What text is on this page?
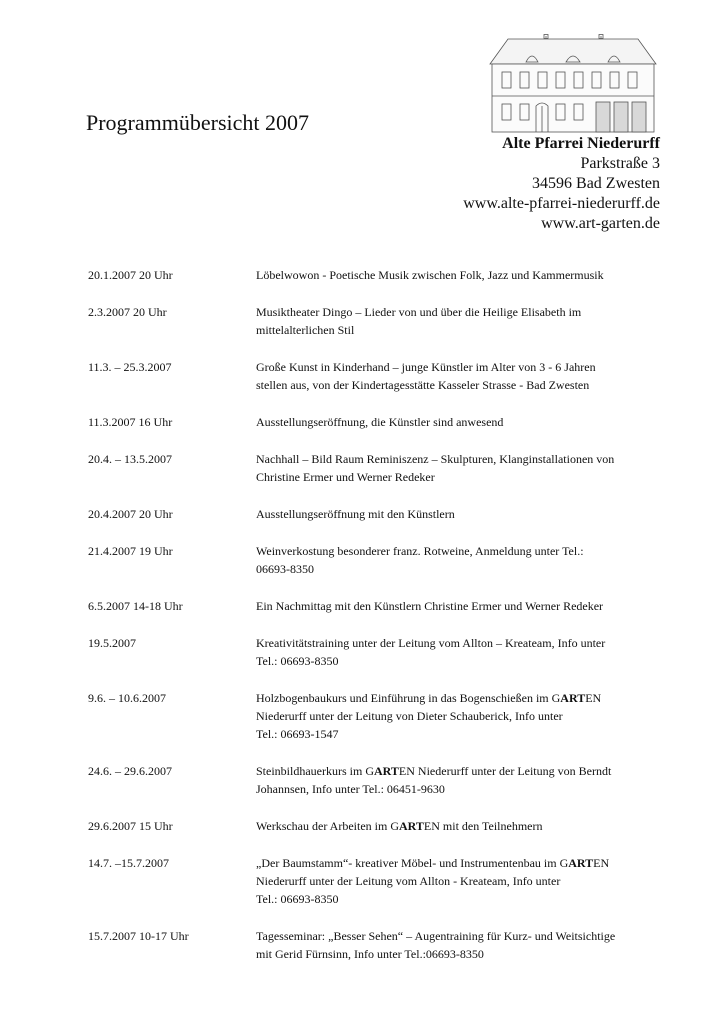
Programmübersicht 2007
Alte Pfarrei Niederurff
Parkstraße 3
34596 Bad Zwesten
www.alte-pfarrei-niederurff.de
www.art-garten.de
20.1.2007 20 Uhr	Löbelwowon - Poetische Musik zwischen Folk, Jazz und Kammermusik
2.3.2007 20 Uhr	Musiktheater Dingo – Lieder von und über die Heilige Elisabeth im
mittelalterlichen Stil
11.3. – 25.3.2007	Große Kunst in Kinderhand – junge Künstler im Alter von 3 - 6 Jahren
stellen aus, von der Kindertagesstätte Kasseler Strasse - Bad Zwesten
11.3.2007 16 Uhr	Ausstellungseröffnung, die Künstler sind anwesend
20.4. – 13.5.2007	Nachhall – Bild Raum Reminiszenz – Skulpturen, Klanginstallationen von
Christine Ermer und Werner Redeker
20.4.2007 20 Uhr	Ausstellungseröffnung mit den Künstlern
21.4.2007 19 Uhr	Weinverkostung besonderer franz. Rotweine, Anmeldung unter Tel.:
06693-8350
6.5.2007 14-18 Uhr	Ein Nachmittag mit den Künstlern Christine Ermer und Werner Redeker
19.5.2007	Kreativitätstraining unter der Leitung vom Allton – Kreateam, Info unter
Tel.: 06693-8350
9.6. – 10.6.2007	Holzbogenbaukurs und Einführung in das Bogenschießen im GARTEN
Niederurff unter der Leitung von Dieter Schauberick, Info unter
Tel.: 06693-1547
24.6. – 29.6.2007	Steinbildhauerkurs im GARTEN Niederurff unter der Leitung von Berndt
Johannsen, Info unter Tel.: 06451-9630
29.6.2007 15 Uhr	Werkschau der Arbeiten im GARTEN mit den Teilnehmern
14.7. –15.7.2007	„Der Baumstamm“- kreativer Möbel- und Instrumentenbau im GARTEN
Niederurff unter der Leitung vom Allton - Kreateam, Info unter
Tel.: 06693-8350
15.7.2007 10-17 Uhr	Tagesseminar: „Besser Sehen“ – Augentraining für Kurz- und Weitsichtige
mit Gerid Fürnsinn, Info unter Tel.:06693-8350
